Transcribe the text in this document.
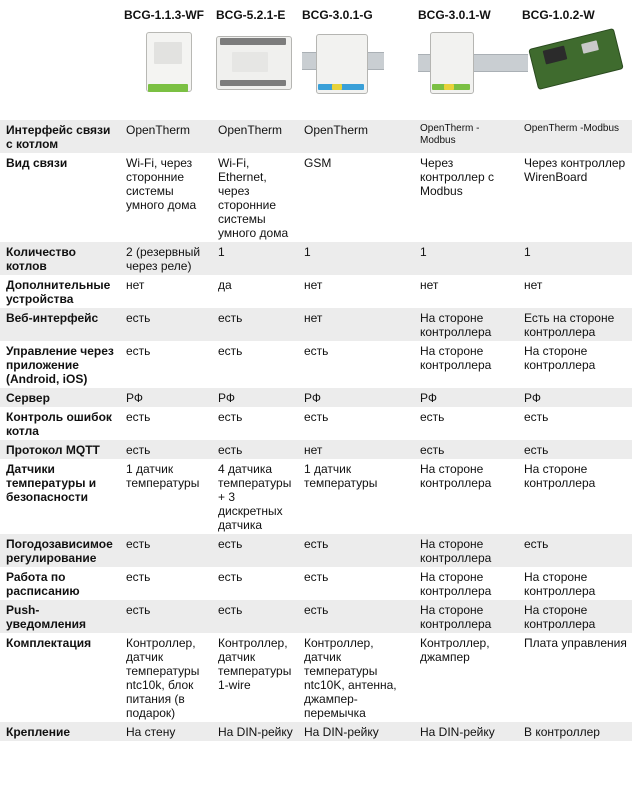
	BCG-1.1.3-WF	BCG-5.2.1-E	BCG-3.0.1-G	BCG-3.0.1-W	BCG-1.0.2-W

Интерфейс связи с котлом	OpenTherm	OpenTherm	OpenTherm	OpenTherm - Modbus	OpenTherm -Modbus
Вид связи	Wi-Fi, через сторонние системы умного дома	Wi-Fi, Ethernet, через сторонние системы умного дома	GSM	Через контроллер с Modbus	Через контроллер WirenBoard
Количество котлов	2 (резервный через реле)	1	1	1	1
Дополнительные устройства	нет	да	нет	нет	нет
Веб-интерфейс	есть	есть	нет	На стороне контроллера	Есть на стороне контроллера
Управление через приложение (Android, iOS)	есть	есть	есть	На стороне контроллера	На стороне контроллера
Сервер	РФ	РФ	РФ	РФ	РФ
Контроль ошибок котла	есть	есть	есть	есть	есть
Протокол MQTT	есть	есть	нет	есть	есть
Датчики температуры и безопасности	1 датчик температуры	4 датчика температуры + 3 дискретных датчика	1 датчик температуры	На стороне контроллера	На стороне контроллера
Погодозависимое регулирование	есть	есть	есть	На стороне контроллера	есть
Работа по расписанию	есть	есть	есть	На стороне контроллера	На стороне контроллера
Push-уведомления	есть	есть	есть	На стороне контроллера	На стороне контроллера
Комплектация	Контроллер, датчик температуры ntc10k, блок питания (в подарок)	Контроллер, датчик температуры 1-wire	Контроллер, датчик температуры ntc10K, антенна, джампер-перемычка	Контроллер, джампер	Плата управления
Крепление	На стену	На DIN-рейку	На DIN-рейку	На DIN-рейку	В контроллер
